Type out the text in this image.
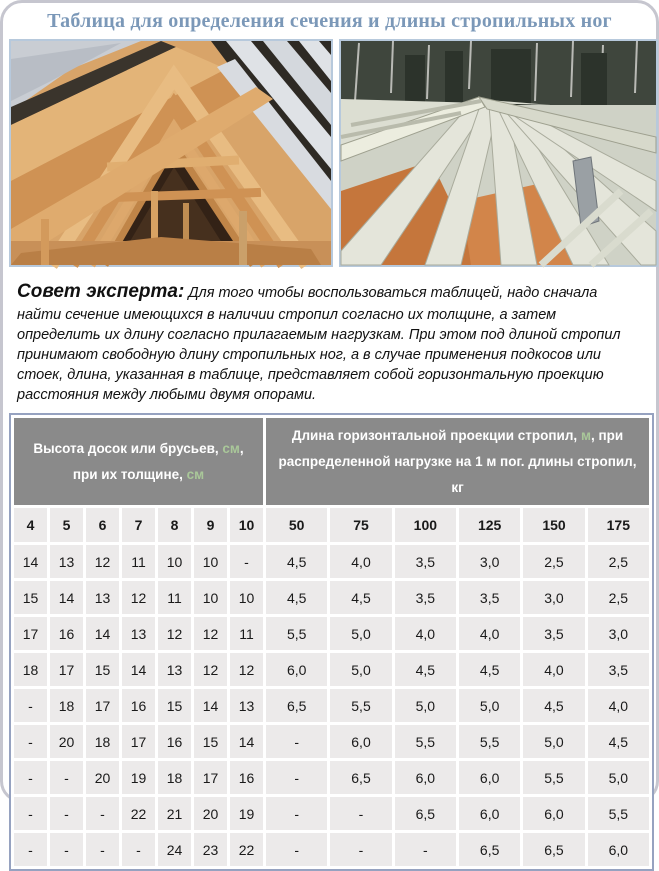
Таблица для определения сечения и длины стропильных ног
Совет эксперта: Для того чтобы воспользоваться таблицей, надо сначала найти сечение имеющихся в наличии стропил согласно их толщине, а затем определить их длину согласно прилагаемым нагрузкам. При этом под длиной стропил принимают свободную длину стропильных ног, а в случае применения подкосов или стоек, длина, указанная в таблице, представляет собой горизонтальную проекцию расстояния между любыми двумя опорами.
Высота досок или брусьев, см, при их толщине, см							Длина горизонтальной проекции стропил, м, при распределенной нагрузке на 1 м пог. длины стропил, кг					
4	5	6	7	8	9	10	50	75	100	125	150	175
14	13	12	11	10	10	-	4,5	4,0	3,5	3,0	2,5	2,5
15	14	13	12	11	10	10	4,5	4,5	3,5	3,5	3,0	2,5
17	16	14	13	12	12	11	5,5	5,0	4,0	4,0	3,5	3,0
18	17	15	14	13	12	12	6,0	5,0	4,5	4,5	4,0	3,5
-	18	17	16	15	14	13	6,5	5,5	5,0	5,0	4,5	4,0
-	20	18	17	16	15	14	-	6,0	5,5	5,5	5,0	4,5
-	-	20	19	18	17	16	-	6,5	6,0	6,0	5,5	5,0
-	-	-	22	21	20	19	-	-	6,5	6,0	6,0	5,5
-	-	-	-	24	23	22	-	-	-	6,5	6,5	6,0
